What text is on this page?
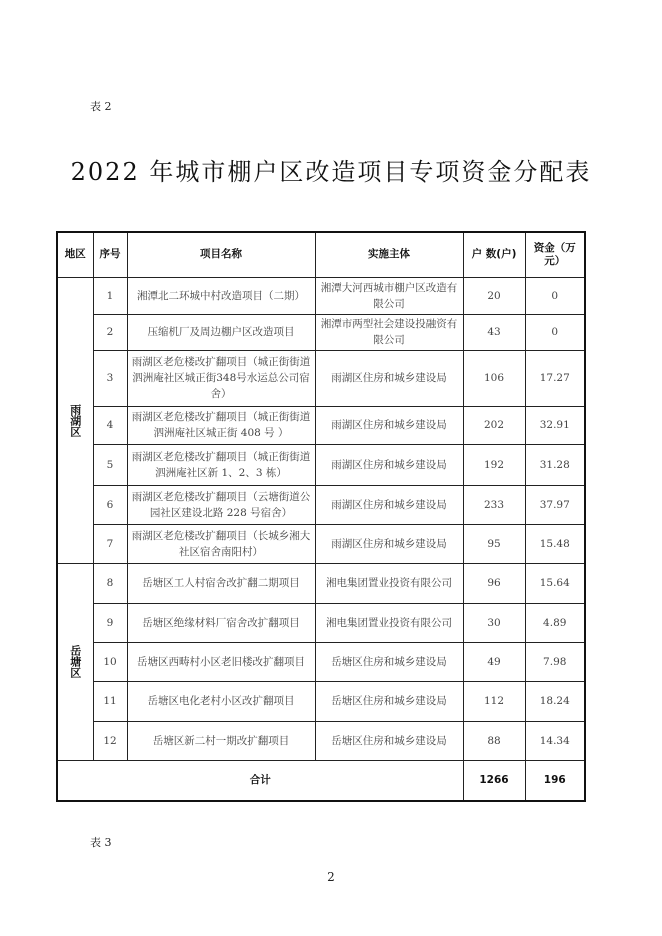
表 2
2022 年城市棚户区改造项目专项资金分配表
地区	序号	项目名称	实施主体	户 数(户)	资金（万元）
雨湖区	1	湘潭北二环城中村改造项目（二期）	湘潭大河西城市棚户区改造有限公司	20	0
	2	压缩机厂及周边棚户区改造项目	湘潭市两型社会建设投融资有限公司	43	0
	3	雨湖区老危楼改扩翻项目（城正街街道泗洲庵社区城正街348号水运总公司宿舍）	雨湖区住房和城乡建设局	106	17.27
	4	雨湖区老危楼改扩翻项目（城正街街道泗洲庵社区城正街 408 号 ）	雨湖区住房和城乡建设局	202	32.91
	5	雨湖区老危楼改扩翻项目（城正街街道泗洲庵社区新 1、2、3 栋）	雨湖区住房和城乡建设局	192	31.28
	6	雨湖区老危楼改扩翻项目（云塘街道公园社区建设北路 228 号宿舍）	雨湖区住房和城乡建设局	233	37.97
	7	雨湖区老危楼改扩翻项目（长城乡湘大社区宿舍南阳村）	雨湖区住房和城乡建设局	95	15.48
岳塘区	8	岳塘区工人村宿舍改扩翻二期项目	湘电集团置业投资有限公司	96	15.64
	9	岳塘区绝缘材料厂宿舍改扩翻项目	湘电集团置业投资有限公司	30	4.89
	10	岳塘区西畴村小区老旧楼改扩翻项目	岳塘区住房和城乡建设局	49	7.98
	11	岳塘区电化老村小区改扩翻项目	岳塘区住房和城乡建设局	112	18.24
	12	岳塘区新二村一期改扩翻项目	岳塘区住房和城乡建设局	88	14.34
合计				1266	196
表 3
2
